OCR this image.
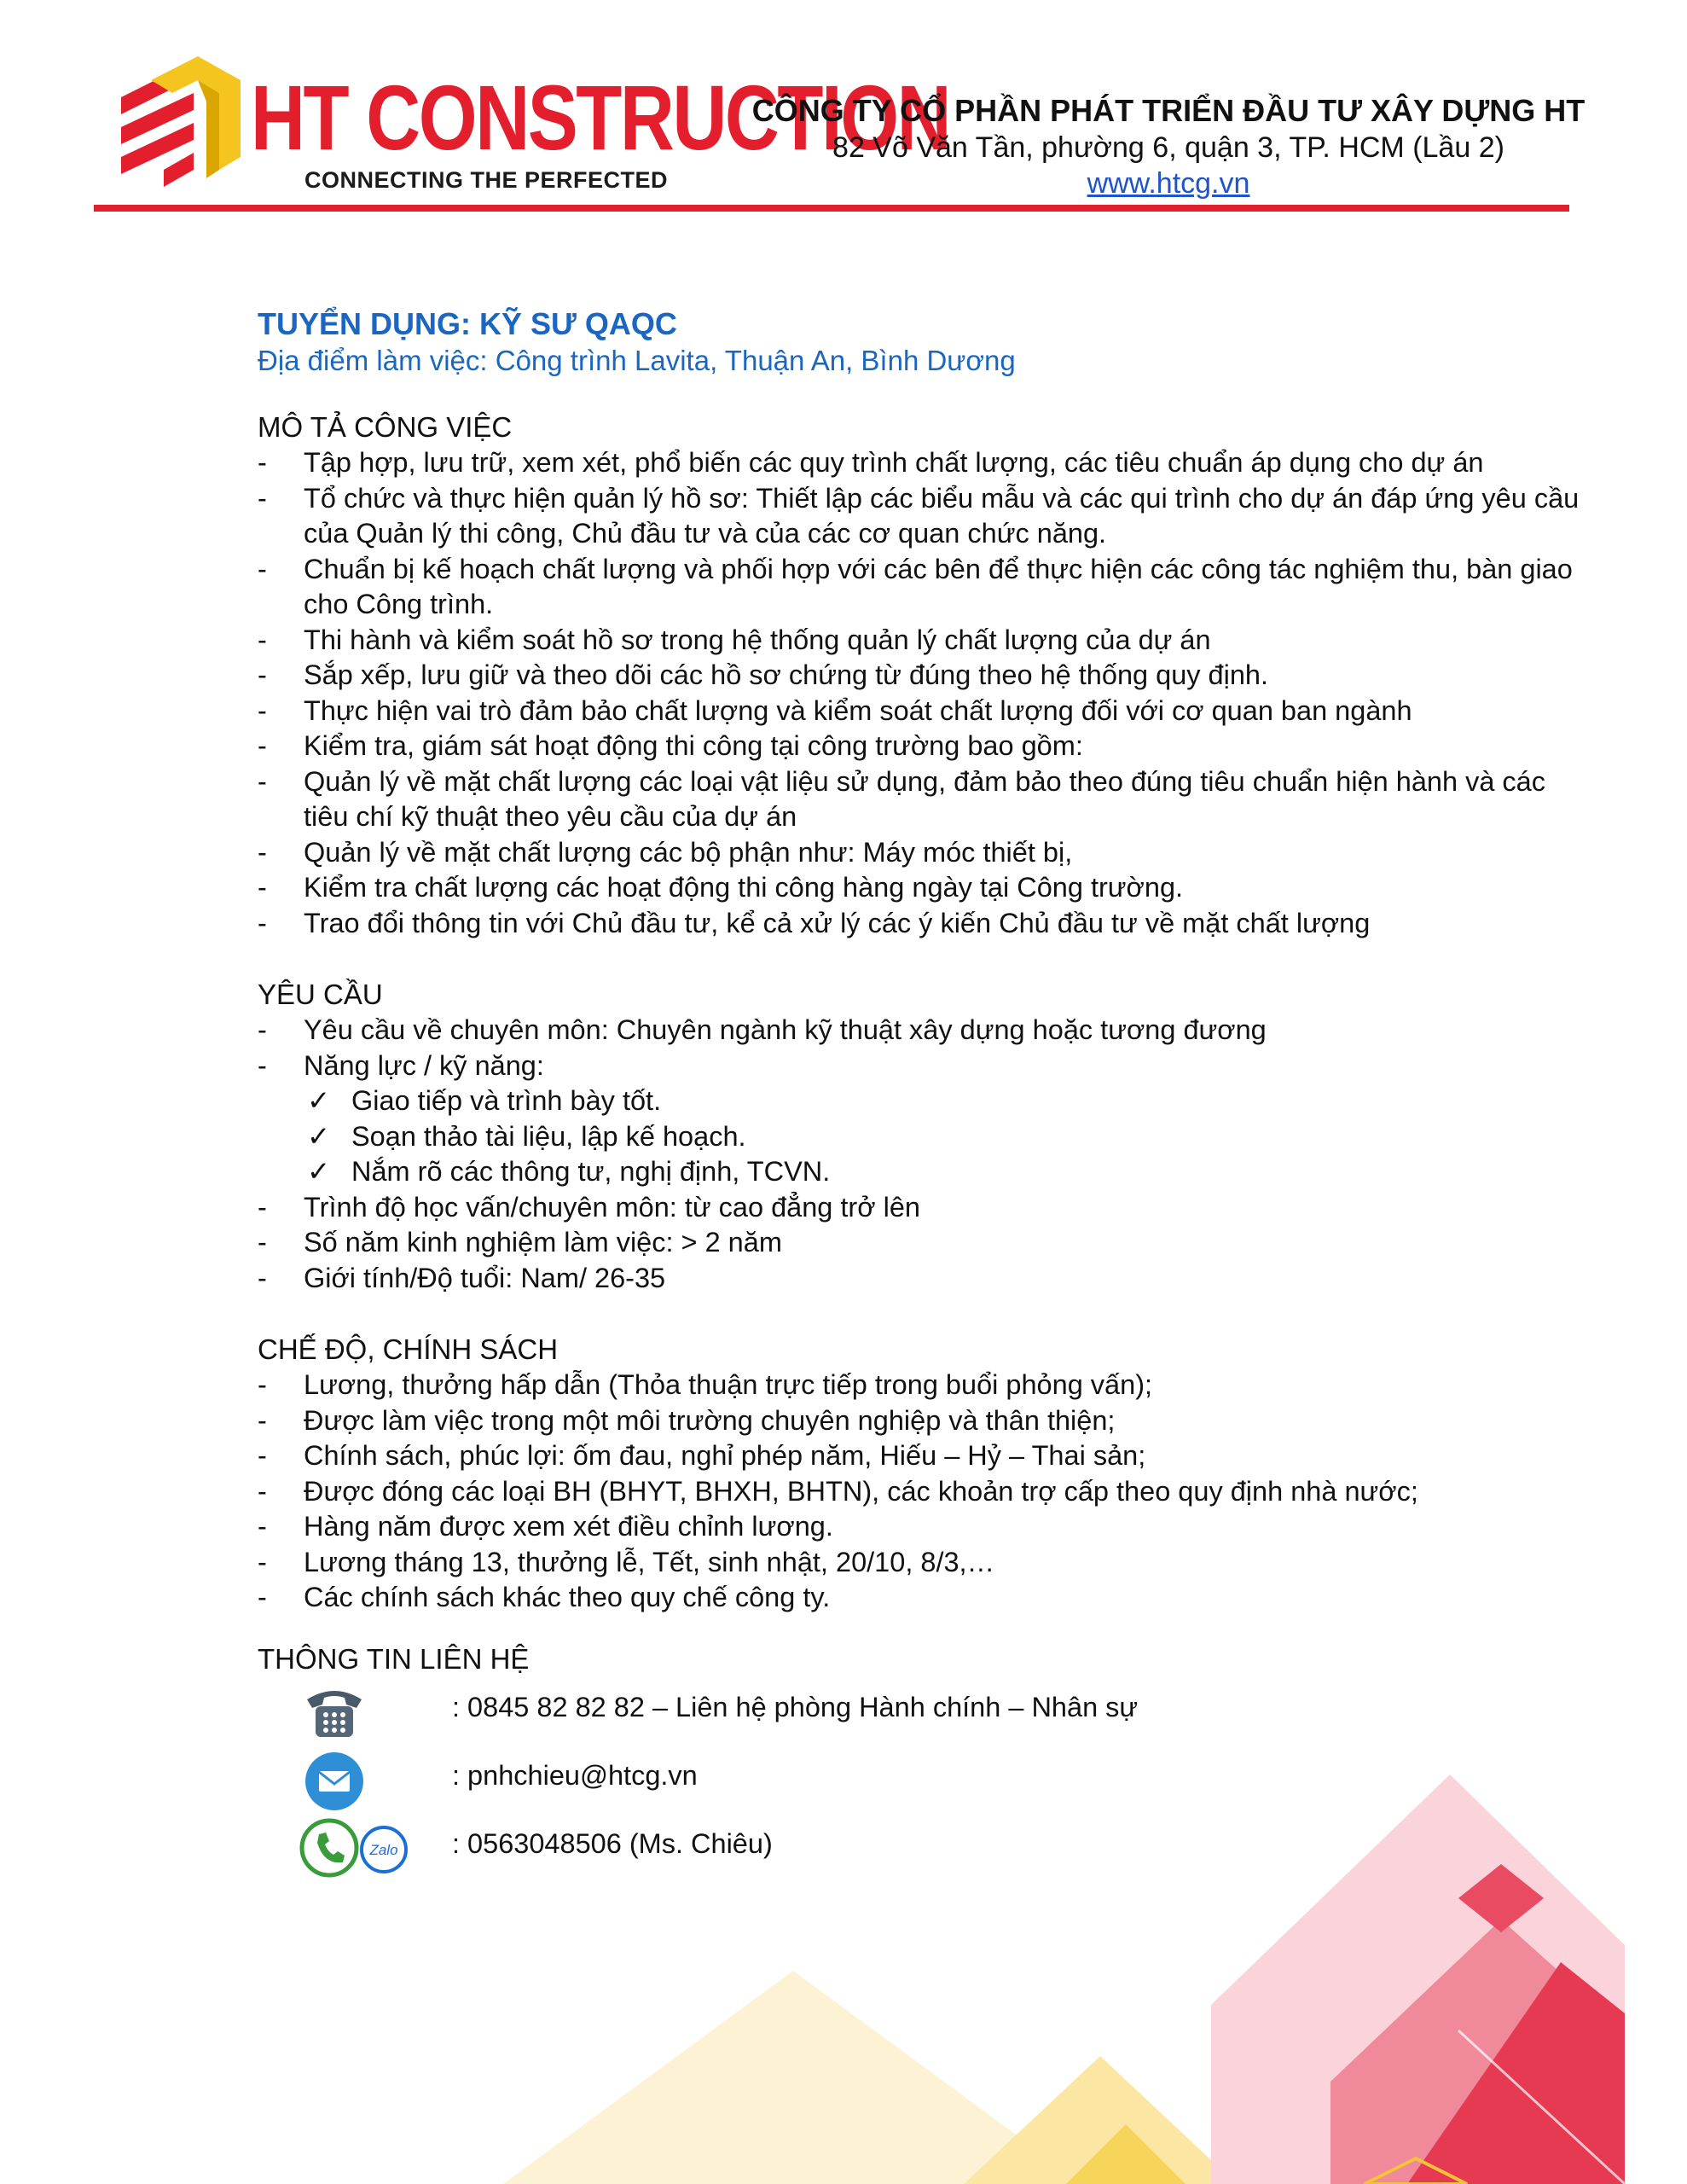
HT CONSTRUCTION
CONNECTING THE PERFECTED
CÔNG TY CỔ PHẦN PHÁT TRIỂN ĐẦU TƯ XÂY DỰNG HT
82 Võ Văn Tần, phường 6, quận 3, TP. HCM (Lầu 2)
www.htcg.vn
TUYỂN DỤNG: KỸ SƯ QAQC
Địa điểm làm việc: Công trình Lavita, Thuận An, Bình Dương
MÔ TẢ CÔNG VIỆC
- Tập hợp, lưu trữ, xem xét, phổ biến các quy trình chất lượng, các tiêu chuẩn áp dụng cho dự án
- Tổ chức và thực hiện quản lý hồ sơ: Thiết lập các biểu mẫu và các qui trình cho dự án đáp ứng yêu cầu của Quản lý thi công, Chủ đầu tư và của các cơ quan chức năng.
- Chuẩn bị kế hoạch chất lượng và phối hợp với các bên để thực hiện các công tác nghiệm thu, bàn giao cho Công trình.
- Thi hành và kiểm soát hồ sơ trong hệ thống quản lý chất lượng của dự án
- Sắp xếp, lưu giữ và theo dõi các hồ sơ chứng từ đúng theo hệ thống quy định.
- Thực hiện vai trò đảm bảo chất lượng và kiểm soát chất lượng đối với cơ quan ban ngành
- Kiểm tra, giám sát hoạt động thi công tại công trường bao gồm:
- Quản lý về mặt chất lượng các loại vật liệu sử dụng, đảm bảo theo đúng tiêu chuẩn hiện hành và các tiêu chí kỹ thuật theo yêu cầu của dự án
- Quản lý về mặt chất lượng các bộ phận như: Máy móc thiết bị,
- Kiểm tra chất lượng các hoạt động thi công hàng ngày tại Công trường.
- Trao đổi thông tin với Chủ đầu tư, kể cả xử lý các ý kiến Chủ đầu tư về mặt chất lượng
YÊU CẦU
- Yêu cầu về chuyên môn: Chuyên ngành kỹ thuật xây dựng hoặc tương đương
- Năng lực / kỹ năng:
✓ Giao tiếp và trình bày tốt.
✓ Soạn thảo tài liệu, lập kế hoạch.
✓ Nắm rõ các thông tư, nghị định, TCVN.
- Trình độ học vấn/chuyên môn: từ cao đẳng trở lên
- Số năm kinh nghiệm làm việc: > 2 năm
- Giới tính/Độ tuổi: Nam/ 26-35
CHẾ ĐỘ, CHÍNH SÁCH
- Lương, thưởng hấp dẫn (Thỏa thuận trực tiếp trong buổi phỏng vấn);
- Được làm việc trong một môi trường chuyên nghiệp và thân thiện;
- Chính sách, phúc lợi: ốm đau, nghỉ phép năm, Hiếu – Hỷ – Thai sản;
- Được đóng các loại BH (BHYT, BHXH, BHTN), các khoản trợ cấp theo quy định nhà nước;
- Hàng năm được xem xét điều chỉnh lương.
- Lương tháng 13, thưởng lễ, Tết, sinh nhật, 20/10, 8/3,…
- Các chính sách khác theo quy chế công ty.
THÔNG TIN LIÊN HỆ
: 0845 82 82 82 – Liên hệ phòng Hành chính – Nhân sự
: pnhchieu@htcg.vn
Zalo : 0563048506 (Ms. Chiêu)
